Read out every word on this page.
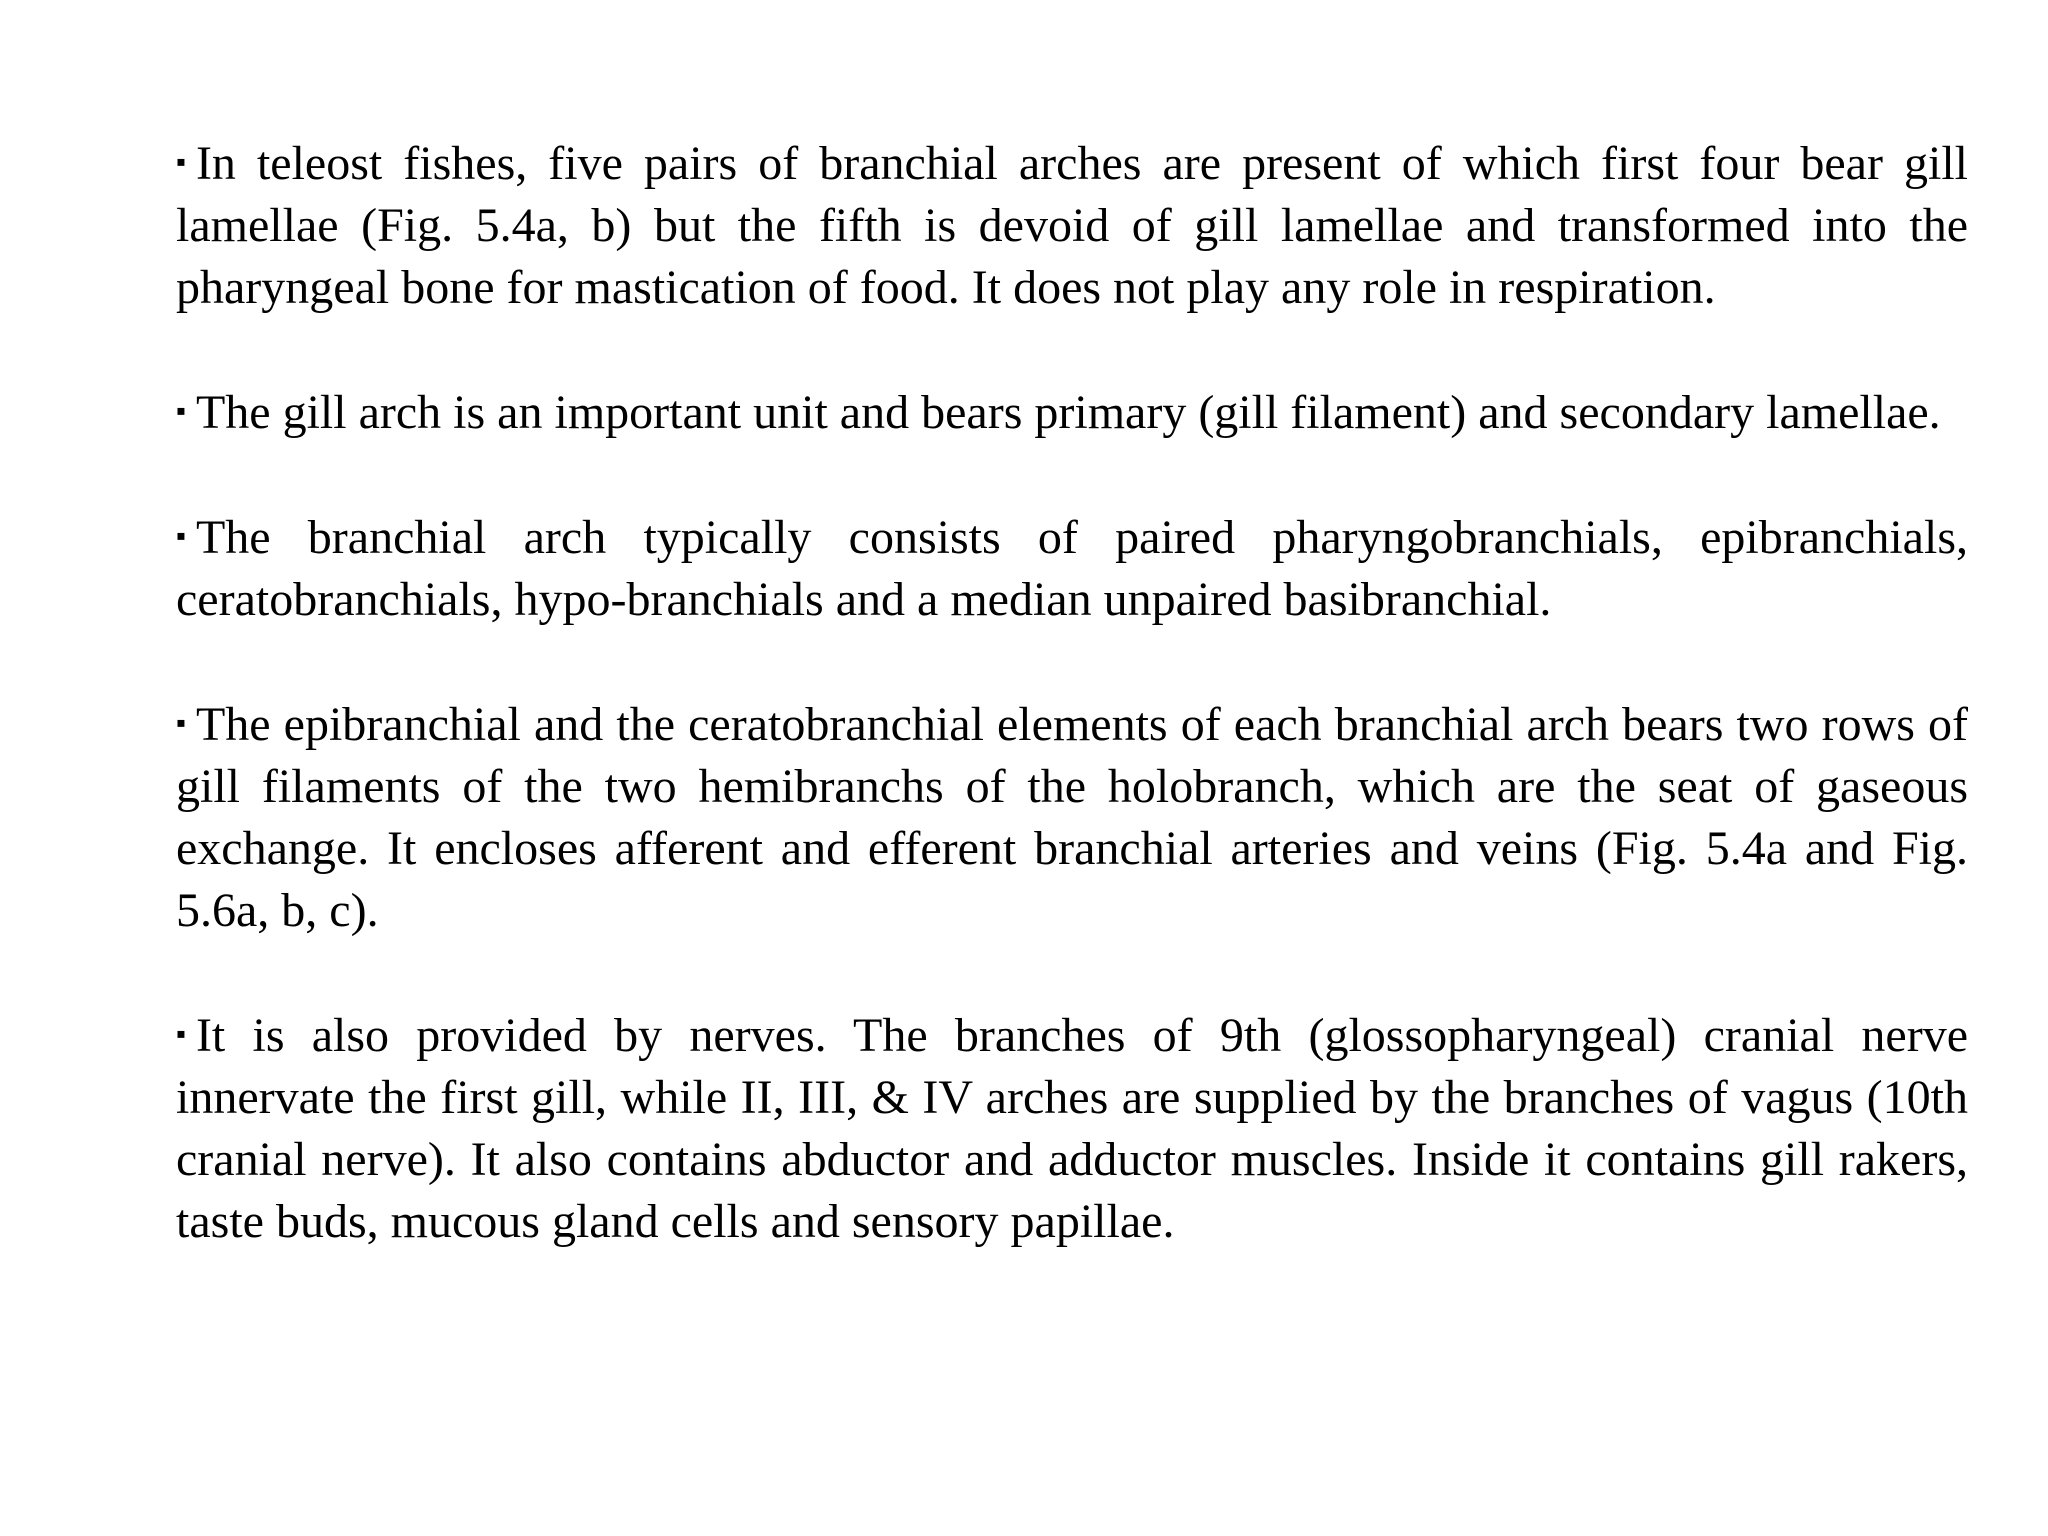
▪ In teleost fishes, five pairs of branchial arches are present of which first four bear gill lamellae (Fig. 5.4a, b) but the fifth is devoid of gill lamellae and transformed into the pharyngeal bone for mastication of food. It does not play any role in respiration.

▪ The gill arch is an important unit and bears primary (gill filament) and secondary lamellae.

▪ The branchial arch typically consists of paired pharyngobranchials, epibranchials, ceratobranchials, hypo-branchials and a median unpaired basibranchial.

▪ The epibranchial and the ceratobranchial elements of each branchial arch bears two rows of gill filaments of the two hemibranchs of the holobranch, which are the seat of gaseous exchange. It encloses afferent and efferent branchial arteries and veins (Fig. 5.4a and Fig. 5.6a, b, c).

▪ It is also provided by nerves. The branches of 9th (glossopharyngeal) cranial nerve innervate the first gill, while II, III, & IV arches are supplied by the branches of vagus (10th cranial nerve). It also contains abductor and adductor muscles. Inside it contains gill rakers, taste buds, mucous gland cells and sensory papillae.
